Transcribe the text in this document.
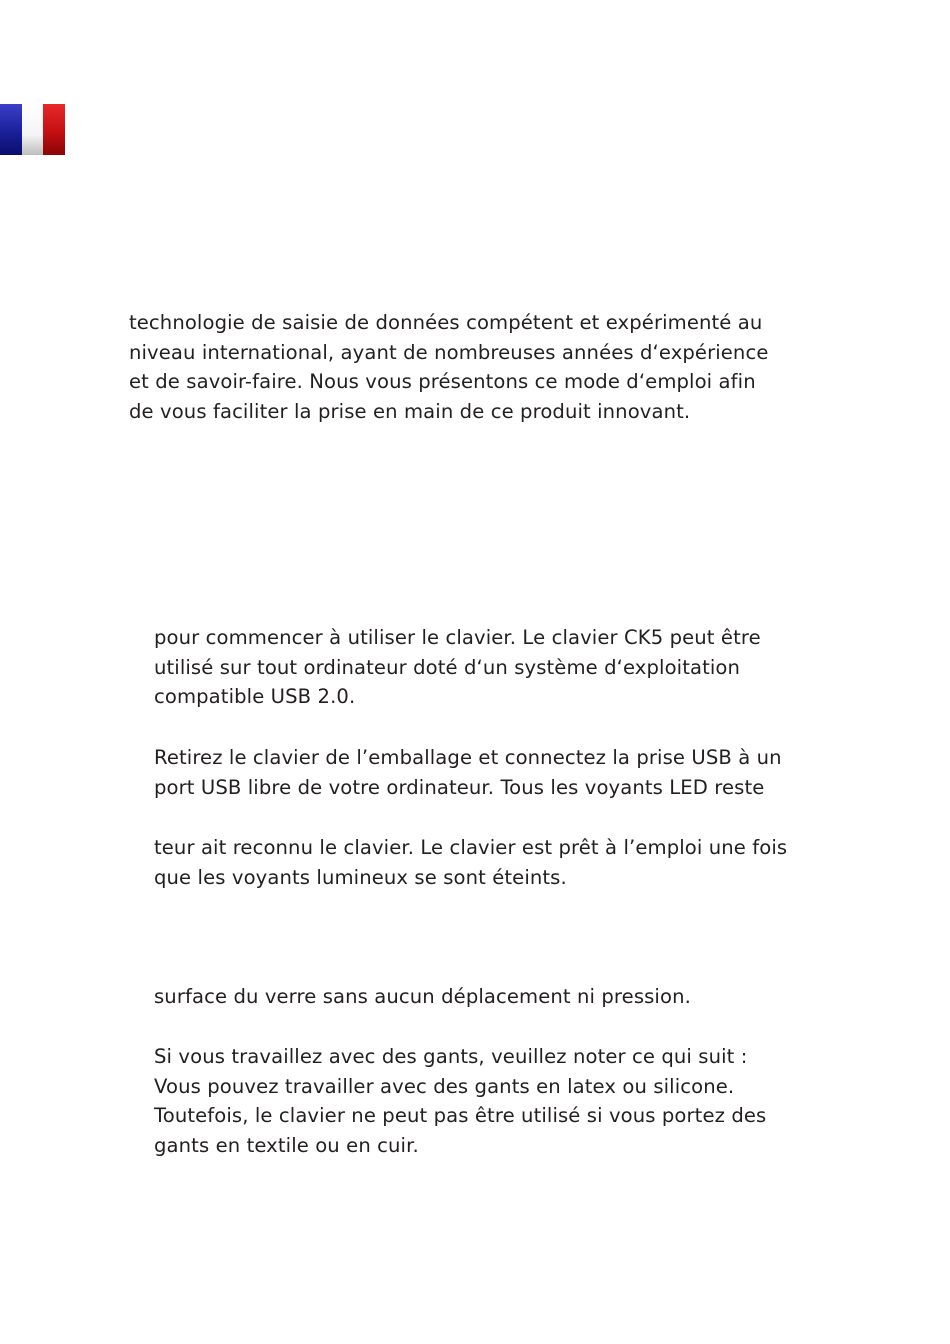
technologie de saisie de données compétent et expérimenté au
niveau international, ayant de nombreuses années d‘expérience
et de savoir-faire. Nous vous présentons ce mode d‘emploi afin
de vous faciliter la prise en main de ce produit innovant.

pour commencer à utiliser le clavier. Le clavier CK5 peut être
utilisé sur tout ordinateur doté d‘un système d‘exploitation
compatible USB 2.0.

Retirez le clavier de l’emballage et connectez la prise USB à un
port USB libre de votre ordinateur. Tous les voyants LED reste

teur ait reconnu le clavier. Le clavier est prêt à l’emploi une fois
que les voyants lumineux se sont éteints.

surface du verre sans aucun déplacement ni pression.

Si vous travaillez avec des gants, veuillez noter ce qui suit :
Vous pouvez travailler avec des gants en latex ou silicone.
Toutefois, le clavier ne peut pas être utilisé si vous portez des
gants en textile ou en cuir.
